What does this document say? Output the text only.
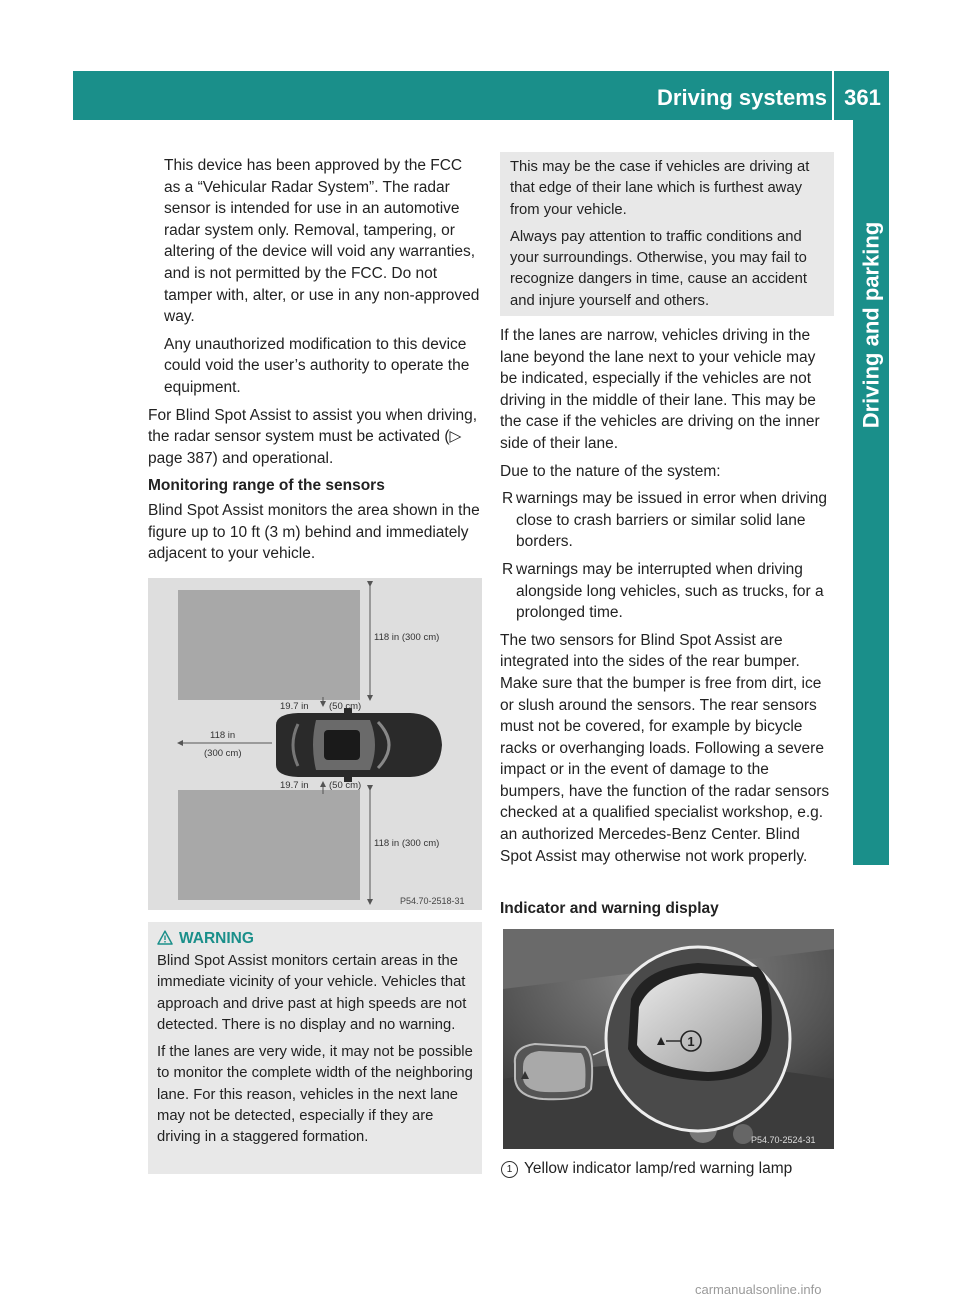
Driving systems 361
Driving and parking

This device has been approved by the FCC as a “Vehicular Radar System”. The radar sensor is intended for use in an automotive radar system only. Removal, tampering, or altering of the device will void any warranties, and is not permitted by the FCC. Do not tamper with, alter, or use in any non-approved way.

Any unauthorized modification to this device could void the user’s authority to operate the equipment.

For Blind Spot Assist to assist you when driving, the radar sensor system must be activated (▷ page 387) and operational.

Monitoring range of the sensors

Blind Spot Assist monitors the area shown in the figure up to 10 ft (3 m) behind and immediately adjacent to your vehicle.

118 in (300 cm)
19.7 in (50 cm)
118 in
(300 cm)
19.7 in (50 cm)
118 in (300 cm)
P54.70-2518-31
WARNING

Blind Spot Assist monitors certain areas in the immediate vicinity of your vehicle. Vehicles that approach and drive past at high speeds are not detected. There is no display and no warning.

If the lanes are very wide, it may not be possible to monitor the complete width of the neighboring lane. For this reason, vehicles in the next lane may not be detected, especially if they are driving in a staggered formation.

This may be the case if vehicles are driving at that edge of their lane which is furthest away from your vehicle.

Always pay attention to traffic conditions and your surroundings. Otherwise, you may fail to recognize dangers in time, cause an accident and injure yourself and others.

If the lanes are narrow, vehicles driving in the lane beyond the lane next to your vehicle may be indicated, especially if the vehicles are not driving in the middle of their lane. This may be the case if the vehicles are driving on the inner side of their lane.

Due to the nature of the system:

R warnings may be issued in error when driving close to crash barriers or similar solid lane borders.
R warnings may be interrupted when driving alongside long vehicles, such as trucks, for a prolonged time.

The two sensors for Blind Spot Assist are integrated into the sides of the rear bumper. Make sure that the bumper is free from dirt, ice or slush around the sensors. The rear sensors must not be covered, for example by bicycle racks or overhanging loads. Following a severe impact or in the event of damage to the bumpers, have the function of the radar sensors checked at a qualified specialist workshop, e.g. an authorized Mercedes-Benz Center. Blind Spot Assist may otherwise not work properly.

Indicator and warning display
1
P54.70-2524-31
1 Yellow indicator lamp/red warning lamp
carmanualsonline.info
